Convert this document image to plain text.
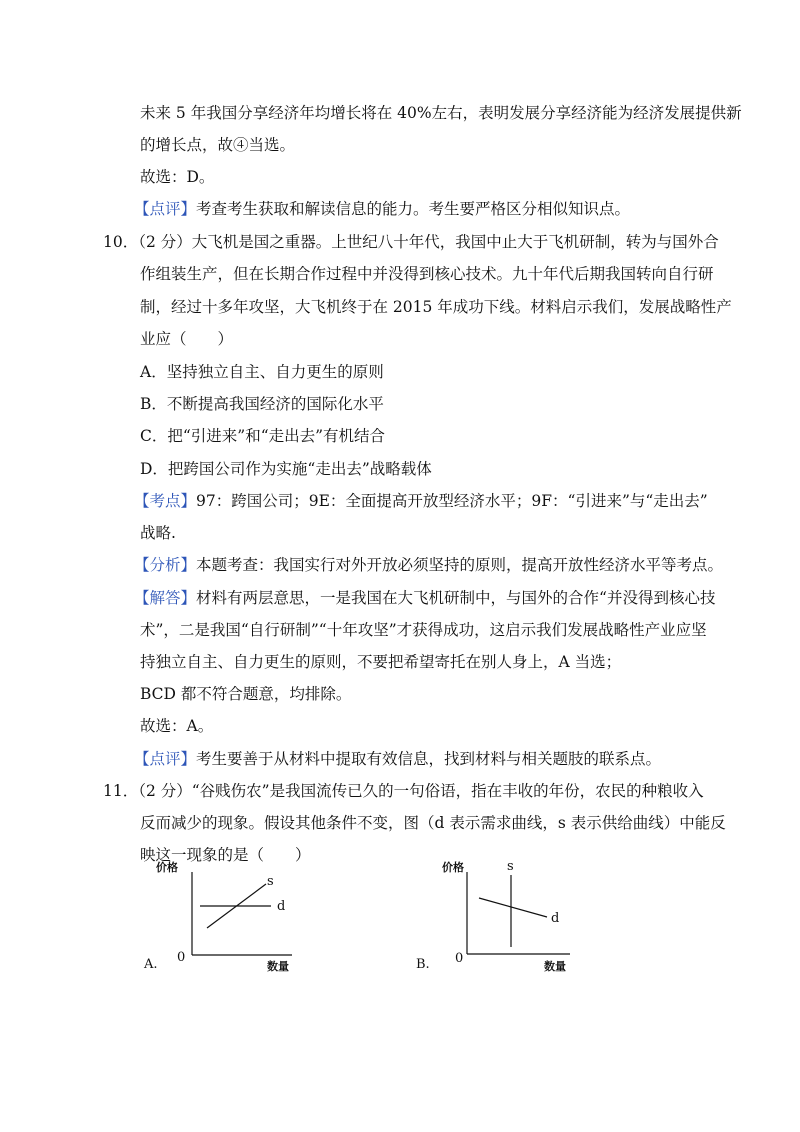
未来 5 年我国分享经济年均增长将在 40%左右，表明发展分享经济能为经济发展提供新
的增长点，故④当选。
故选：D。
【点评】考查考生获取和解读信息的能力。考生要严格区分相似知识点。
10．（2 分）大飞机是国之重器。上世纪八十年代，我国中止大于飞机研制，转为与国外合
作组装生产，但在长期合作过程中并没得到核心技术。九十年代后期我国转向自行研
制，经过十多年攻坚，大飞机终于在 2015 年成功下线。材料启示我们，发展战略性产
业应（　　）
A．坚持独立自主、自力更生的原则
B．不断提高我国经济的国际化水平
C．把“引进来”和“走出去”有机结合
D．把跨国公司作为实施“走出去”战略载体
【考点】97：跨国公司；9E：全面提高开放型经济水平；9F：“引进来”与“走出去”
战略.
【分析】本题考查：我国实行对外开放必须坚持的原则，提高开放性经济水平等考点。
【解答】材料有两层意思，一是我国在大飞机研制中，与国外的合作“并没得到核心技
术”，二是我国“自行研制”“十年攻坚”才获得成功，这启示我们发展战略性产业应坚
持独立自主、自力更生的原则，不要把希望寄托在别人身上，A 当选；
BCD 都不符合题意，均排除。
故选：A。
【点评】考生要善于从材料中提取有效信息，找到材料与相关题肢的联系点。
11．（2 分）“谷贱伤农”是我国流传已久的一句俗语，指在丰收的年份，农民的种粮收入
反而减少的现象。假设其他条件不变，图（d 表示需求曲线，s 表示供给曲线）中能反
映这一现象的是（　　）
A.
价格
0
数量
s
d
B.
价格
0
数量
s
d
